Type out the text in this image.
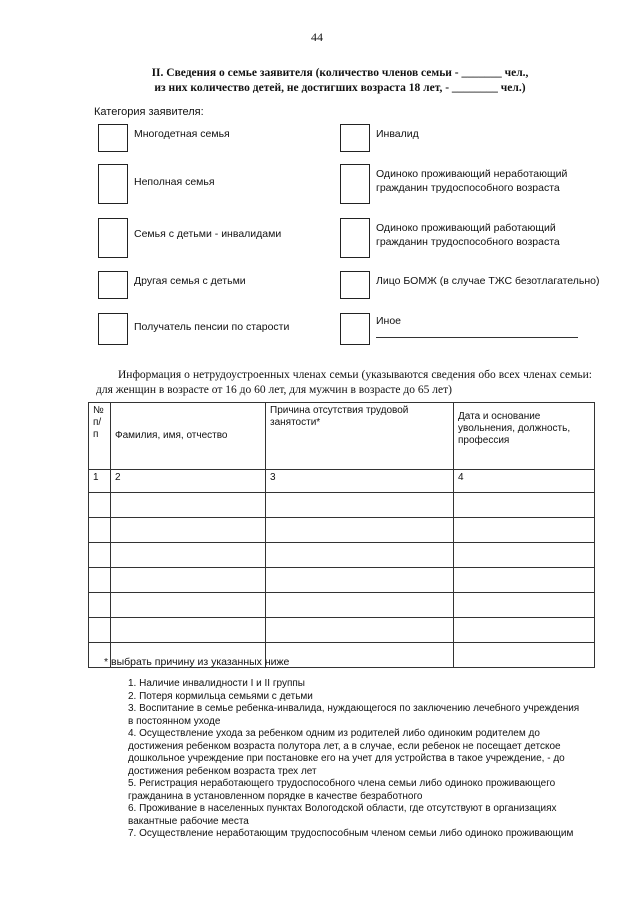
44
II. Сведения о семье заявителя (количество членов семьи - _______ чел.,
из них количество детей, не достигших возраста 18 лет, - ________ чел.)
Категория заявителя:
Многодетная семья
Неполная семья
Семья с детьми - инвалидами
Другая семья с детьми
Получатель пенсии по старости
Инвалид
Одиноко проживающий неработающий гражданин трудоспособного возраста
Одиноко проживающий работающий гражданин трудоспособного возраста
Лицо БОМЖ (в случае ТЖС безотлагательно)
Иное
Информация о нетрудоустроенных членах семьи (указываются сведения обо всех членах семьи: для женщин в возрасте от 16 до 60 лет, для мужчин в возрасте до 65 лет)
№ п/ п	Фамилия, имя, отчество	Причина отсутствия трудовой занятости*	Дата и основание увольнения, должность, профессия
1	2	3	4

* выбрать причину из указанных ниже
1. Наличие инвалидности I и II группы
2. Потеря кормильца семьями с детьми
3. Воспитание в семье ребенка-инвалида, нуждающегося по заключению лечебного учреждения в постоянном уходе
4. Осуществление ухода за ребенком одним из родителей либо одиноким родителем до достижения ребенком возраста полутора лет, а в случае, если ребенок не посещает детское дошкольное учреждение при постановке его на учет для устройства в такое учреждение, - до достижения ребенком возраста трех лет
5. Регистрация неработающего трудоспособного члена семьи либо одиноко проживающего гражданина в установленном порядке в качестве безработного
6. Проживание в населенных пунктах Вологодской области, где отсутствуют в организациях вакантные рабочие места
7. Осуществление неработающим трудоспособным членом семьи либо одиноко проживающим
